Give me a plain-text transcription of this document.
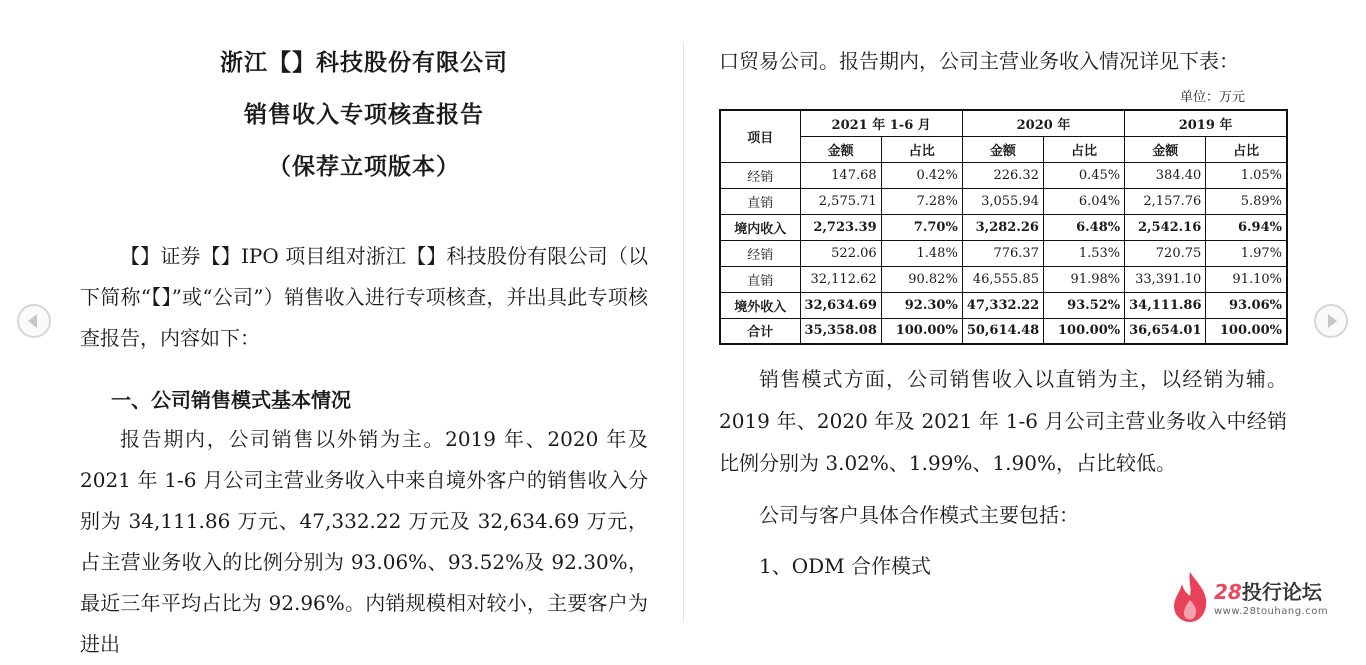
浙江【】科技股份有限公司
销售收入专项核查报告
（保荐立项版本）

【】证券【】IPO 项目组对浙江【】科技股份有限公司（以下简称“【】”或“公司”）销售收入进行专项核查，并出具此专项核查报告，内容如下：

一、公司销售模式基本情况

报告期内，公司销售以外销为主。2019 年、2020 年及 2021 年 1-6 月公司主营业务收入中来自境外客户的销售收入分别为 34,111.86 万元、47,332.22 万元及 32,634.69 万元，占主营业务收入的比例分别为 93.06%、93.52%及 92.30%，最近三年平均占比为 92.96%。内销规模相对较小，主要客户为进出

口贸易公司。报告期内，公司主营业务收入情况详见下表：

单位：万元
项目	2021 年 1-6 月		2020 年		2019 年	
	金额	占比	金额	占比	金额	占比
经销	147.68	0.42%	226.32	0.45%	384.40	1.05%
直销	2,575.71	7.28%	3,055.94	6.04%	2,157.76	5.89%
境内收入	2,723.39	7.70%	3,282.26	6.48%	2,542.16	6.94%
经销	522.06	1.48%	776.37	1.53%	720.75	1.97%
直销	32,112.62	90.82%	46,555.85	91.98%	33,391.10	91.10%
境外收入	32,634.69	92.30%	47,332.22	93.52%	34,111.86	93.06%
合计	35,358.08	100.00%	50,614.48	100.00%	36,654.01	100.00%

销售模式方面，公司销售收入以直销为主，以经销为辅。2019 年、2020 年及 2021 年 1-6 月公司主营业务收入中经销比例分别为 3.02%、1.99%、1.90%，占比较低。

公司与客户具体合作模式主要包括：

1、ODM 合作模式

28投行论坛
www.28touhang.com
